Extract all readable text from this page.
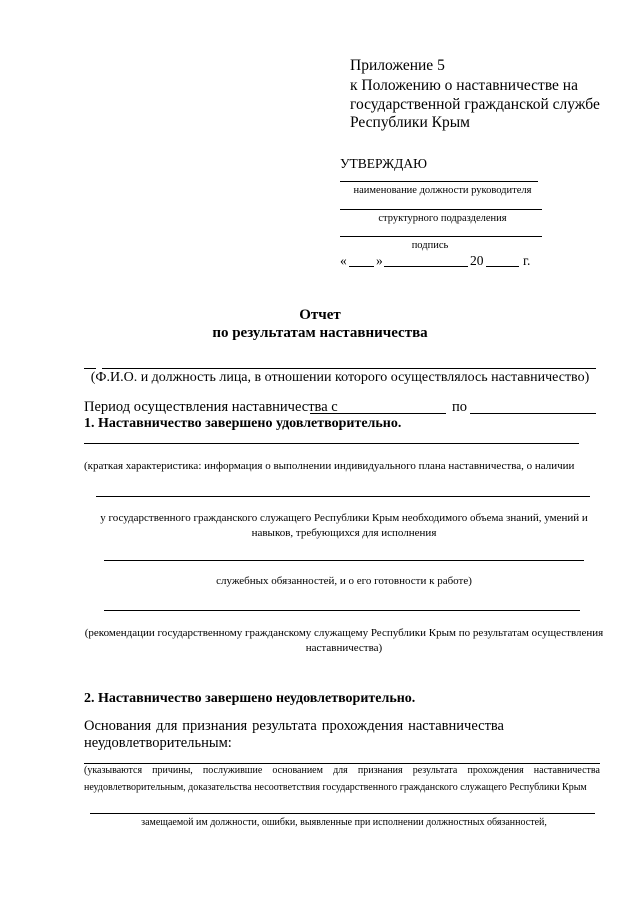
Приложение 5
к Положению о наставничестве на
государственной гражданской службе
Республики Крым
УТВЕРЖДАЮ
наименование должности руководителя
структурного подразделения
подпись
« »	20	г.
Отчет
по результатам наставничества
(Ф.И.О. и должность лица, в отношении которого осуществлялось наставничество)
Период осуществления наставничества с	по
1. Наставничество завершено удовлетворительно.
(краткая характеристика: информация о выполнении индивидуального плана наставничества, о наличии
у государственного гражданского служащего Республики Крым необходимого объема знаний, умений и
навыков, требующихся для исполнения
служебных обязанностей, и о его готовности к работе)
(рекомендации государственному гражданскому служащему Республики Крым по результатам осуществления
наставничества)
2. Наставничество завершено неудовлетворительно.
Основания для признания результата прохождения наставничества
неудовлетворительным:
(указываются причины, послужившие основанием для признания результата прохождения наставничества
неудовлетворительным, доказательства несоответствия государственного гражданского служащего Республики Крым
замещаемой им должности, ошибки, выявленные при исполнении должностных обязанностей,
